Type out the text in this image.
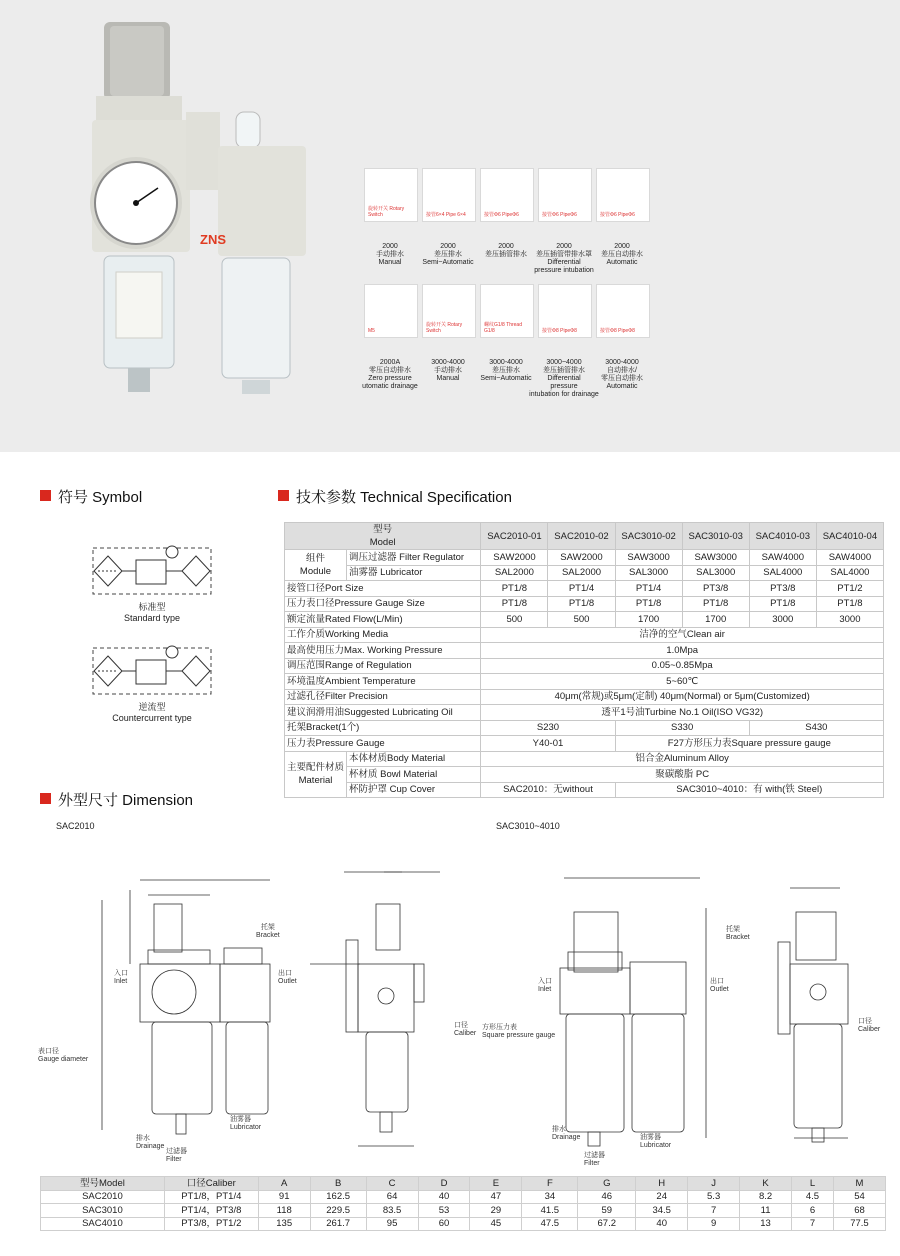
ZNS
旋转开关 Rotary Switch	接管6×4 Pipe 6×4	接管Φ6 PipeΦ6	接管Φ6 PipeΦ6	接管Φ6 PipeΦ6
2000
手动排水
Manual
2000
差压排水
Semi~Automatic
2000
差压插管排水
2000
差压插管带排水罩
Differential
pressure intubation
2000
差压自动排水
Automatic
M5
旋转开关 Rotary Switch
螺纹G1/8 Thread G1/8	接管Φ8 PipeΦ8	接管Φ8 PipeΦ8
2000A
零压自动排水
Zero pressure
utomatic drainage
3000-4000
手动排水
Manual
3000-4000
差压排水
Semi~Automatic
3000~4000
差压插管排水
Differential
pressure
intubation for drainage
3000-4000
自动排水/
零压自动排水
Automatic
符号 Symbol
标准型
Standard type
逆流型
Countercurrent type
技术参数 Technical Specification
型号
Model		SAC2010-01	SAC2010-02	SAC3010-02	SAC3010-03	SAC4010-03	SAC4010-04

组件
Module	调压过滤器 Filter Regulator	SAW2000	SAW2000	SAW3000	SAW3000	SAW4000	SAW4000
	油雾器 Lubricator	SAL2000	SAL2000	SAL3000	SAL3000	SAL4000	SAL4000
接管口径Port Size		PT1/8	PT1/4	PT1/4	PT3/8	PT3/8	PT1/2
压力表口径Pressure Gauge Size		PT1/8	PT1/8	PT1/8	PT1/8	PT1/8	PT1/8
额定流量Rated Flow(L/Min)		500	500	1700	1700	3000	3000
工作介质Working Media		洁净的空气Clean air					
最高使用压力Max. Working Pressure		1.0Mpa					
调压范围Range of Regulation		0.05~0.85Mpa					
环境温度Ambient Temperature		5~60℃					
过滤孔径Filter Precision		40μm(常规)或5μm(定制) 40μm(Normal) or 5μm(Customized)					
建议润滑用油Suggested Lubricating Oil		透平1号油Turbine No.1 Oil(ISO VG32)					
托架Bracket(1个)		S230		S330		S430	
压力表Pressure Gauge		Y40-01		F27方形压力表Square pressure gauge			

主要配件材质
Material	本体材质Body Material	铝合金Aluminum Alloy					
	杯材质 Bowl Material	聚碳酸脂 PC					
	杯防护罩 Cup Cover	SAC2010：无without		SAC3010~4010：有 with(铁 Steel)			
外型尺寸 Dimension
SAC2010	SAC3010~4010
托架
Bracket
入口
Inlet
出口
Outlet
表口径
Gauge diameter
口径
Caliber
排水
Drainage
油雾器
Lubricator
过滤器
Filter
托架
Bracket
入口
Inlet
出口
Outlet
方形压力表
Square pressure gauge
口径
Caliber
排水
Drainage	油雾器
Lubricator
过滤器
Filter
型号Model	口径Caliber	A	B	C	D	E	F	G	H	J	K	L	M
SAC2010	PT1/8，PT1/4	91	162.5	64	40	47	34	46	24	5.3	8.2	4.5	54
SAC3010	PT1/4，PT3/8	118	229.5	83.5	53	29	41.5	59	34.5	7	11	6	68
SAC4010	PT3/8，PT1/2	135	261.7	95	60	45	47.5	67.2	40	9	13	7	77.5
